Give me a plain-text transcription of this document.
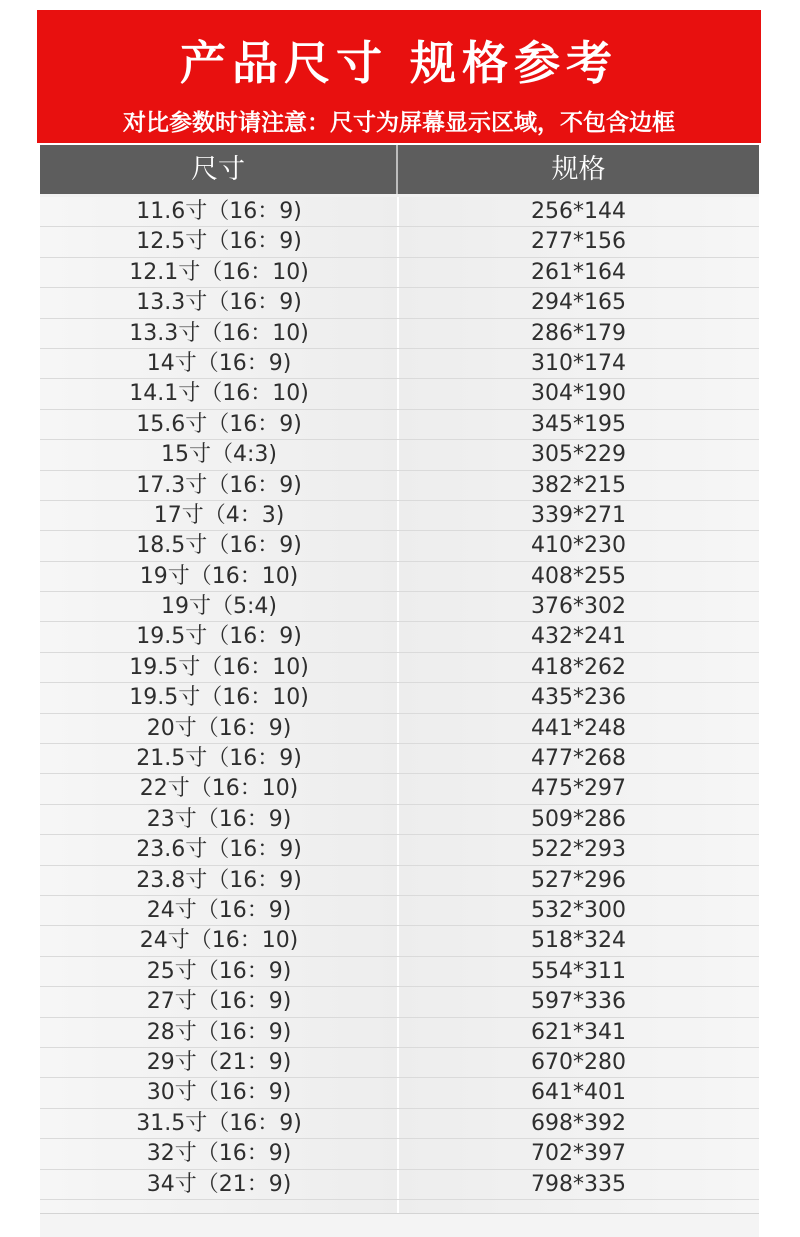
产品尺寸 规格参考
对比参数时请注意：尺寸为屏幕显示区域，不包含边框
尺寸	规格
11.6寸（16：9)	256*144
12.5寸（16：9)	277*156
12.1寸（16：10)	261*164
13.3寸（16：9)	294*165
13.3寸（16：10)	286*179
14寸（16：9)	310*174
14.1寸（16：10)	304*190
15.6寸（16：9)	345*195
15寸（4:3)	305*229
17.3寸（16：9)	382*215
17寸（4：3)	339*271
18.5寸（16：9)	410*230
19寸（16：10)	408*255
19寸（5:4)	376*302
19.5寸（16：9)	432*241
19.5寸（16：10)	418*262
19.5寸（16：10)	435*236
20寸（16：9)	441*248
21.5寸（16：9)	477*268
22寸（16：10)	475*297
23寸（16：9)	509*286
23.6寸（16：9)	522*293
23.8寸（16：9)	527*296
24寸（16：9)	532*300
24寸（16：10)	518*324
25寸（16：9)	554*311
27寸（16：9)	597*336
28寸（16：9)	621*341
29寸（21：9)	670*280
30寸（16：9)	641*401
31.5寸（16：9)	698*392
32寸（16：9)	702*397
34寸（21：9)	798*335
